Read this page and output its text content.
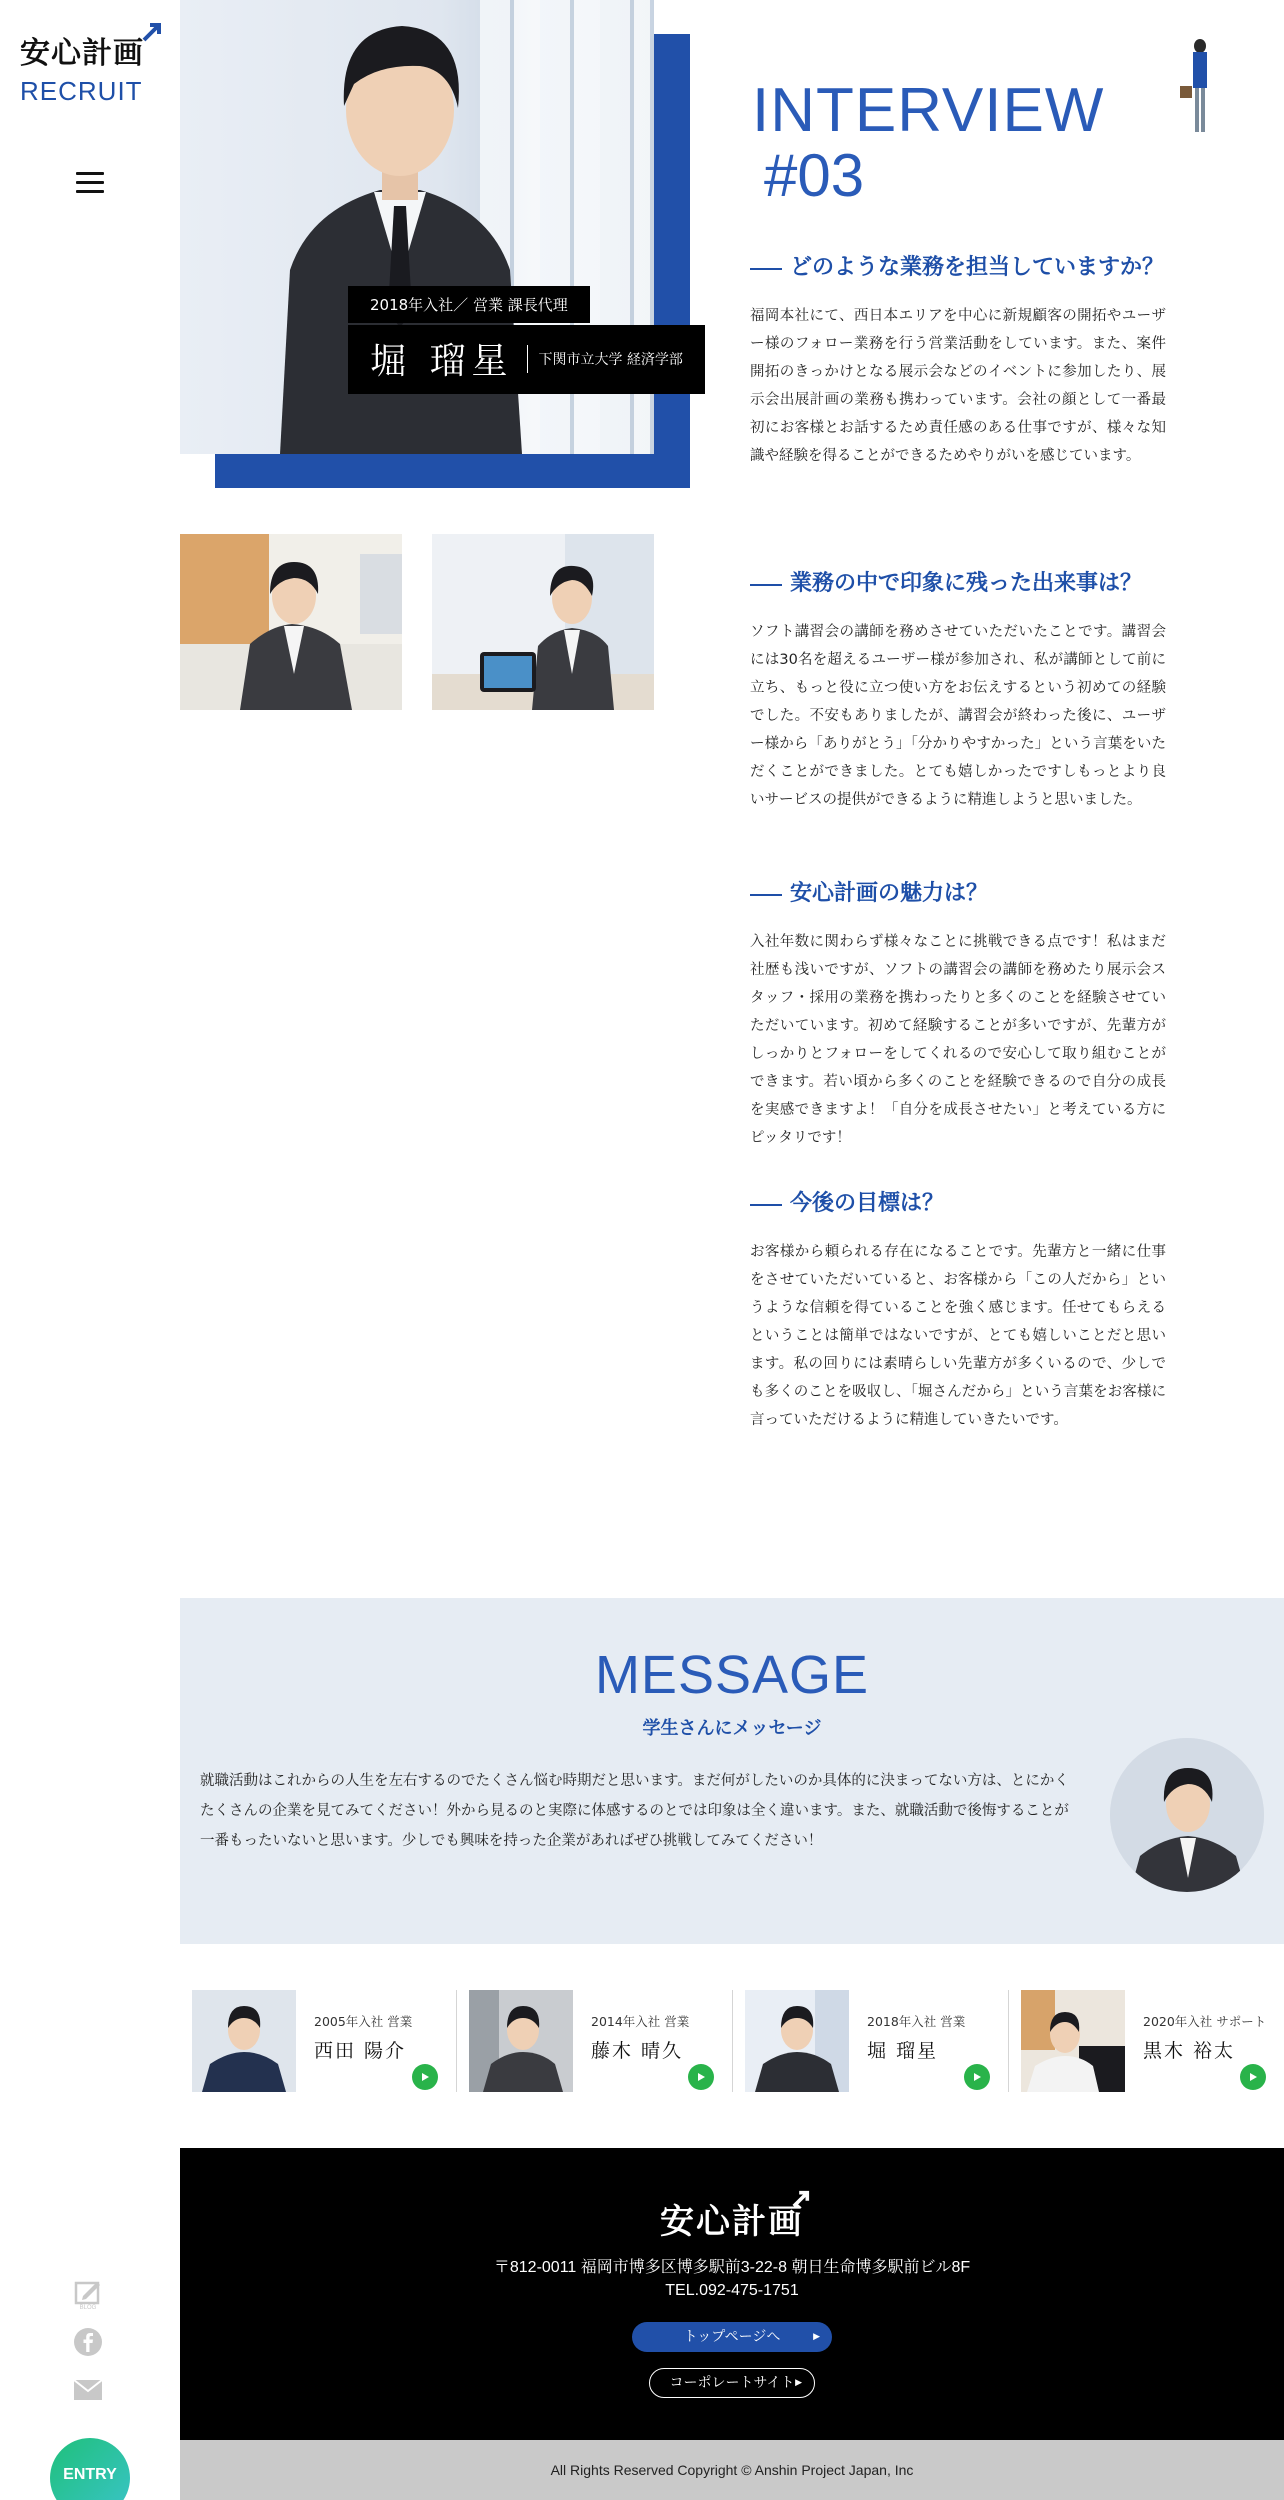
安心計画
RECRUIT
BLOG
ENTRY
2018年入社／ 営業 課長代理
堀 瑠星 下関市立大学 経済学部
INTERVIEW
#03
どのような業務を担当していますか？

福岡本社にて、西日本エリアを中心に新規顧客の開拓やユーザー様のフォロー業務を行う営業活動をしています。また、案件開拓のきっかけとなる展示会などのイベントに参加したり、展示会出展計画の業務も携わっています。会社の顔として一番最初にお客様とお話するため責任感のある仕事ですが、様々な知識や経験を得ることができるためやりがいを感じています。

業務の中で印象に残った出来事は？

ソフト講習会の講師を務めさせていただいたことです。講習会には30名を超えるユーザー様が参加され、私が講師として前に立ち、もっと役に立つ使い方をお伝えするという初めての経験でした。不安もありましたが、講習会が終わった後に、ユーザー様から「ありがとう」「分かりやすかった」という言葉をいただくことができました。とても嬉しかったですしもっとより良いサービスの提供ができるように精進しようと思いました。

安心計画の魅力は？

入社年数に関わらず様々なことに挑戦できる点です！私はまだ社歴も浅いですが、ソフトの講習会の講師を務めたり展示会スタッフ・採用の業務を携わったりと多くのことを経験させていただいています。初めて経験することが多いですが、先輩方がしっかりとフォローをしてくれるので安心して取り組むことができます。若い頃から多くのことを経験できるので自分の成長を実感できますよ！「自分を成長させたい」と考えている方にピッタリです！

今後の目標は？

お客様から頼られる存在になることです。先輩方と一緒に仕事をさせていただいていると、お客様から「この人だから」というような信頼を得ていることを強く感じます。任せてもらえるということは簡単ではないですが、とても嬉しいことだと思います。私の回りには素晴らしい先輩方が多くいるので、少しでも多くのことを吸収し、「堀さんだから」という言葉をお客様に言っていただけるように精進していきたいです。

MESSAGE
学生さんにメッセージ

就職活動はこれからの人生を左右するのでたくさん悩む時期だと思います。まだ何がしたいのか具体的に決まってない方は、とにかくたくさんの企業を見てみてください！外から見るのと実際に体感するのとでは印象は全く違います。また、就職活動で後悔することが一番もったいないと思います。少しでも興味を持った企業があればぜひ挑戦してみてください！

2005年入社 営業
西田 陽介
2014年入社 営業
藤木 晴久
2018年入社 営業
堀 瑠星
2020年入社 サポート
黒木 裕太
安心計画
〒812-0011 福岡市博多区博多駅前3-22-8 朝日生命博多駅前ビル8F
TEL.092-475-1751
トップページへ	▶
コーポレートサイト ▶
All Rights Reserved Copyright © Anshin Project Japan, Inc
